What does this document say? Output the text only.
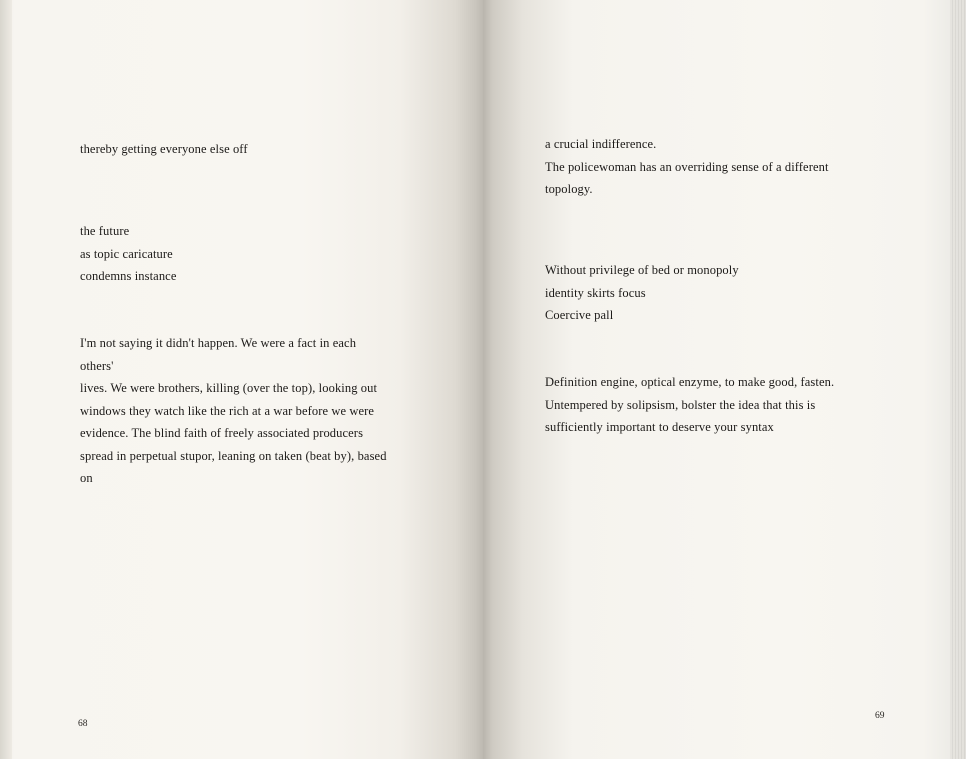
thereby getting everyone else off

the future
as topic caricature
condemns instance

I'm not saying it didn't happen. We were a fact in each
others'
lives. We were brothers, killing (over the top), looking out
windows they watch like the rich at a war before we were
evidence. The blind faith of freely associated producers
spread in perpetual stupor, leaning on taken (beat by), based
on

68

a crucial indifference.
The policewoman has an overriding sense of a different
topology.

Without privilege of bed or monopoly
identity skirts focus
Coercive pall

Definition engine, optical enzyme, to make good, fasten.
Untempered by solipsism, bolster the idea that this is
sufficiently important to deserve your syntax

69
